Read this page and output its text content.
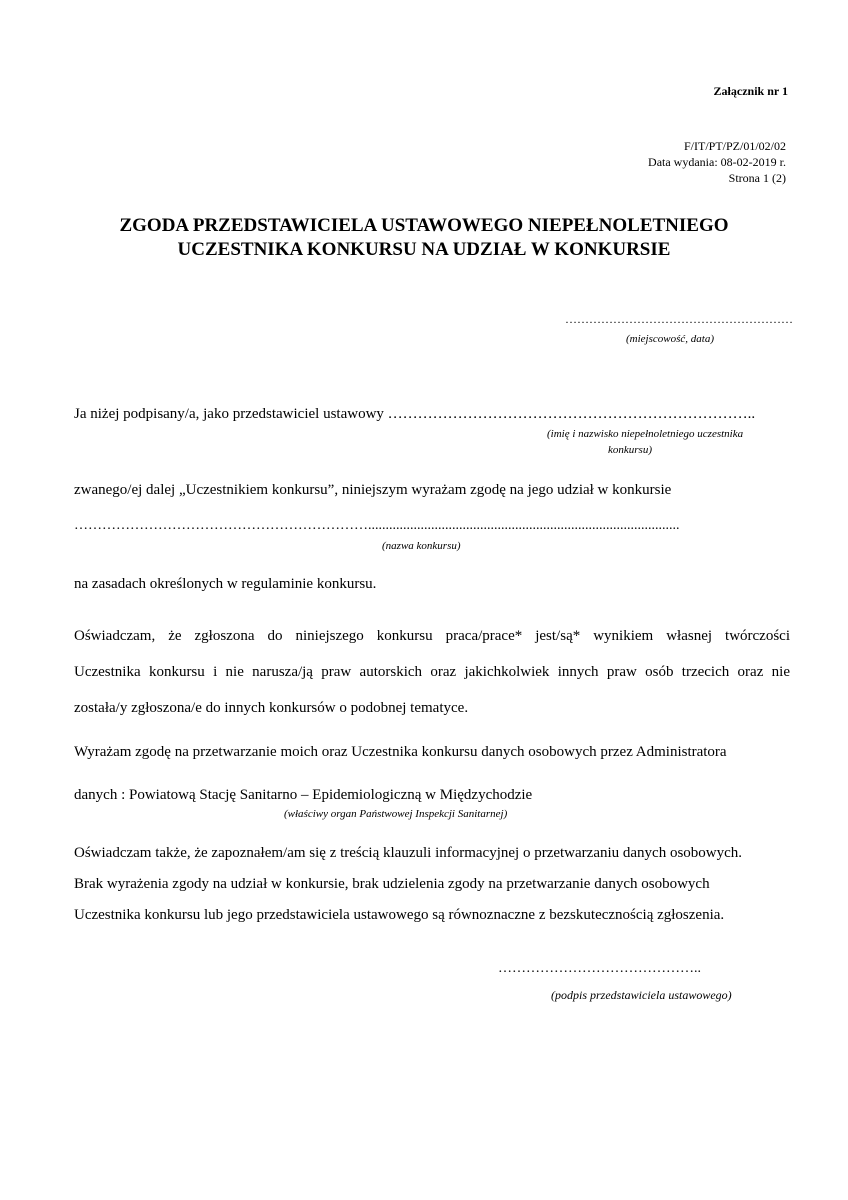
Załącznik nr 1
F/IT/PT/PZ/01/02/02
Data wydania: 08-02-2019 r.
Strona 1 (2)
ZGODA PRZEDSTAWICIELA USTAWOWEGO NIEPEŁNOLETNIEGO
UCZESTNIKA KONKURSU NA UDZIAŁ W KONKURSIE
…………………………………………………
(miejscowość, data)
Ja niżej podpisany/a, jako przedstawiciel ustawowy ………………………………………………………………..
(imię i nazwisko niepełnoletniego uczestnika
konkursu)
zwanego/ej dalej „Uczestnikiem konkursu”, niniejszym wyrażam zgodę na jego udział w konkursie
……………………………………………………….........................................................................................
(nazwa konkursu)
na zasadach określonych w regulaminie konkursu.
Oświadczam, że zgłoszona do niniejszego konkursu praca/prace* jest/są* wynikiem własnej twórczości
Uczestnika konkursu i nie narusza/ją praw autorskich oraz jakichkolwiek innych praw osób trzecich oraz nie
została/y zgłoszona/e do innych konkursów o podobnej tematyce.
Wyrażam zgodę na przetwarzanie moich oraz Uczestnika konkursu danych osobowych przez Administratora
danych : Powiatową Stację Sanitarno – Epidemiologiczną w Międzychodzie
(właściwy organ Państwowej Inspekcji Sanitarnej)
Oświadczam także, że zapoznałem/am się z treścią klauzuli informacyjnej o przetwarzaniu danych osobowych.
Brak wyrażenia zgody na udział w konkursie, brak udzielenia zgody na przetwarzanie danych osobowych
Uczestnika konkursu lub jego przedstawiciela ustawowego są równoznaczne z bezskutecznością zgłoszenia.
……………………………………..
(podpis przedstawiciela ustawowego)
